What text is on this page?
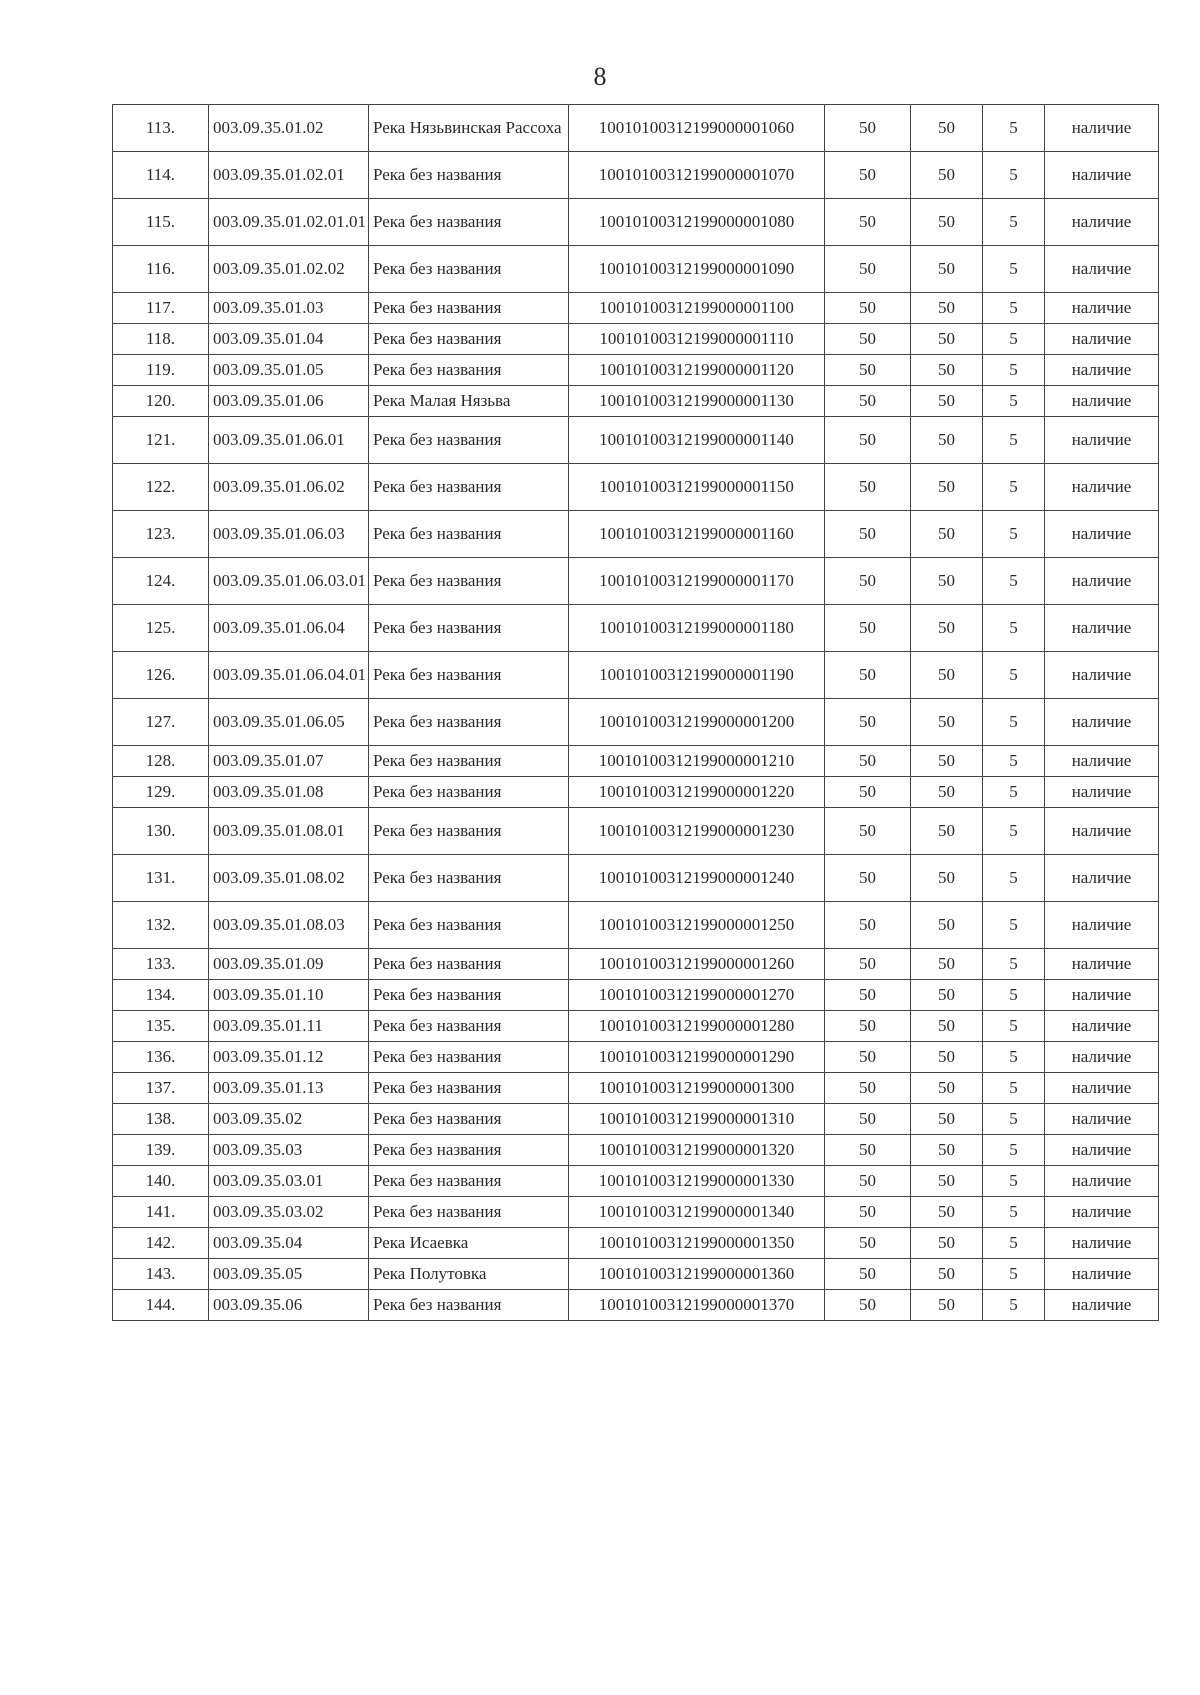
8
113.	003.09.35.01.02	Река Нязьвинская Рассоха	10010100312199000001060	50	50	5	наличие
114.	003.09.35.01.02.01	Река без названия	10010100312199000001070	50	50	5	наличие
115.	003.09.35.01.02.01.01	Река без названия	10010100312199000001080	50	50	5	наличие
116.	003.09.35.01.02.02	Река без названия	10010100312199000001090	50	50	5	наличие
117.	003.09.35.01.03	Река без названия	10010100312199000001100	50	50	5	наличие
118.	003.09.35.01.04	Река без названия	10010100312199000001110	50	50	5	наличие
119.	003.09.35.01.05	Река без названия	10010100312199000001120	50	50	5	наличие
120.	003.09.35.01.06	Река Малая Нязьва	10010100312199000001130	50	50	5	наличие
121.	003.09.35.01.06.01	Река без названия	10010100312199000001140	50	50	5	наличие
122.	003.09.35.01.06.02	Река без названия	10010100312199000001150	50	50	5	наличие
123.	003.09.35.01.06.03	Река без названия	10010100312199000001160	50	50	5	наличие
124.	003.09.35.01.06.03.01	Река без названия	10010100312199000001170	50	50	5	наличие
125.	003.09.35.01.06.04	Река без названия	10010100312199000001180	50	50	5	наличие
126.	003.09.35.01.06.04.01	Река без названия	10010100312199000001190	50	50	5	наличие
127.	003.09.35.01.06.05	Река без названия	10010100312199000001200	50	50	5	наличие
128.	003.09.35.01.07	Река без названия	10010100312199000001210	50	50	5	наличие
129.	003.09.35.01.08	Река без названия	10010100312199000001220	50	50	5	наличие
130.	003.09.35.01.08.01	Река без названия	10010100312199000001230	50	50	5	наличие
131.	003.09.35.01.08.02	Река без названия	10010100312199000001240	50	50	5	наличие
132.	003.09.35.01.08.03	Река без названия	10010100312199000001250	50	50	5	наличие
133.	003.09.35.01.09	Река без названия	10010100312199000001260	50	50	5	наличие
134.	003.09.35.01.10	Река без названия	10010100312199000001270	50	50	5	наличие
135.	003.09.35.01.11	Река без названия	10010100312199000001280	50	50	5	наличие
136.	003.09.35.01.12	Река без названия	10010100312199000001290	50	50	5	наличие
137.	003.09.35.01.13	Река без названия	10010100312199000001300	50	50	5	наличие
138.	003.09.35.02	Река без названия	10010100312199000001310	50	50	5	наличие
139.	003.09.35.03	Река без названия	10010100312199000001320	50	50	5	наличие
140.	003.09.35.03.01	Река без названия	10010100312199000001330	50	50	5	наличие
141.	003.09.35.03.02	Река без названия	10010100312199000001340	50	50	5	наличие
142.	003.09.35.04	Река Исаевка	10010100312199000001350	50	50	5	наличие
143.	003.09.35.05	Река Полутовка	10010100312199000001360	50	50	5	наличие
144.	003.09.35.06	Река без названия	10010100312199000001370	50	50	5	наличие
